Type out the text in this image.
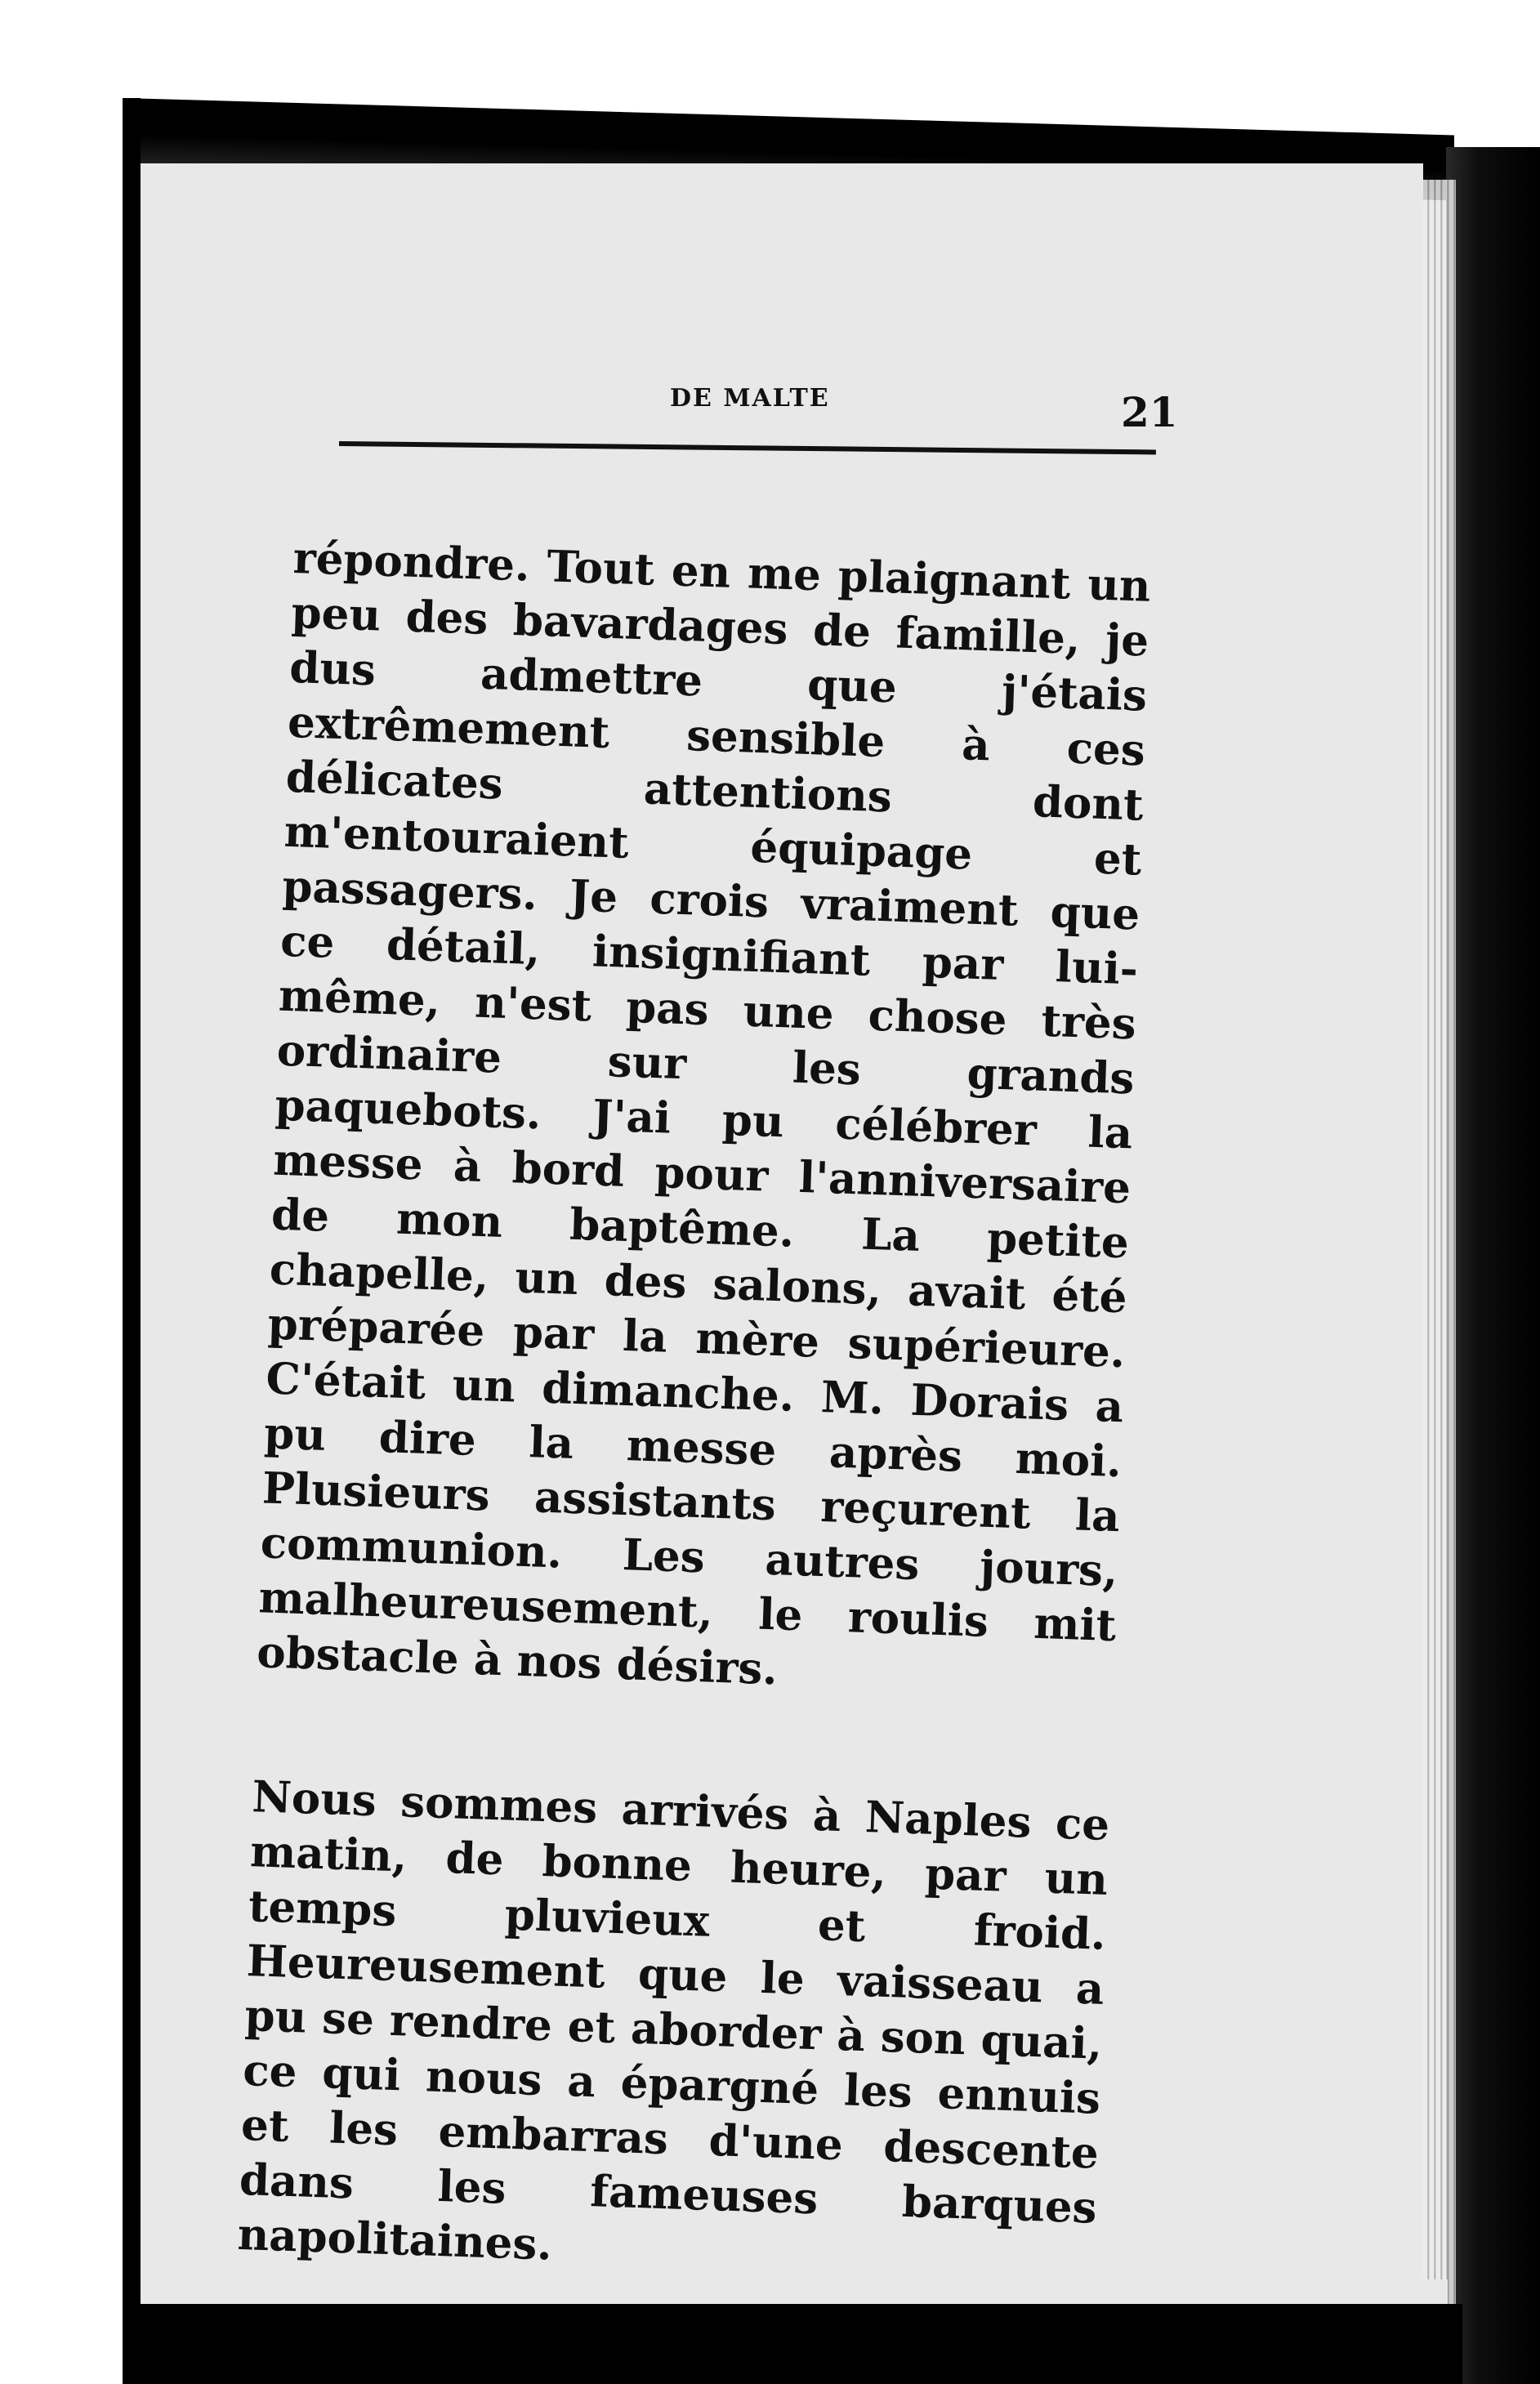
DE MALTE	21

répondre. Tout en me plaignant un peu des bavardages de famille, je dus admettre que j'étais extrêmement sensible à ces délicates attentions dont m'entouraient équipage et passagers. Je crois vraiment que ce détail, insignifiant par lui-même, n'est pas une chose très ordinaire sur les grands paquebots. J'ai pu célébrer la messe à bord pour l'anniversaire de mon baptême. La petite chapelle, un des salons, avait été préparée par la mère supérieure. C'était un dimanche. M. Dorais a pu dire la messe après moi. Plusieurs assistants reçurent la communion. Les autres jours, malheureusement, le roulis mit obstacle à nos désirs.

Nous sommes arrivés à Naples ce matin, de bonne heure, par un temps pluvieux et froid. Heureusement que le vaisseau a pu se rendre et aborder à son quai, ce qui nous a épargné les ennuis et les embarras d'une descente dans les fameuses barques napolitaines.
